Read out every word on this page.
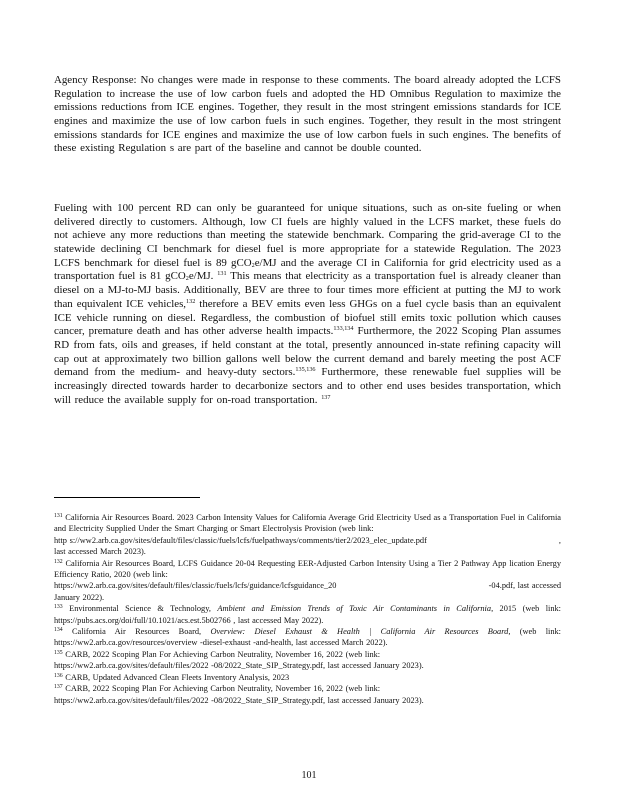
Agency Response: No changes were made in response to these comments. The board already adopted the LCFS Regulation to increase the use of low carbon fuels and adopted the HD Omnibus Regulation to maximize the emissions reductions from ICE engines. Together, they result in the most stringent emissions standards for ICE engines and maximize the use of low carbon fuels in such engines. Together, they result in the most stringent emissions standards for ICE engines and maximize the use of low carbon fuels in such engines. The benefits of these existing Regulation s are part of the baseline and cannot be double counted.

Fueling with 100 percent RD can only be guaranteed for unique situations, such as on-site fueling or when delivered directly to customers. Although, low CI fuels are highly valued in the LCFS market, these fuels do not achieve any more reductions than meeting the statewide benchmark. Comparing the grid-average CI to the statewide declining CI benchmark for diesel fuel is more appropriate for a statewide Regulation. The 2023 LCFS benchmark for diesel fuel is 89 gCO$_2$e/MJ and the average CI in California for grid electricity used as a transportation fuel is 81 gCO$_2$e/MJ. $^{131}$ This means that electricity as a transportation fuel is already cleaner than diesel on a MJ-to-MJ basis. Additionally, BEV are three to four times more efficient at putting the MJ to work than equivalent ICE vehicles,$^{132}$ therefore a BEV emits even less GHGs on a fuel cycle basis than an equivalent ICE vehicle running on diesel. Regardless, the combustion of biofuel still emits toxic pollution which causes cancer, premature death and has other adverse health impacts.$^{133,134}$ Furthermore, the 2022 Scoping Plan assumes RD from fats, oils and greases, if held constant at the total, presently announced in-state refining capacity will cap out at approximately two billion gallons well below the current demand and barely meeting the post ACF demand from the medium- and heavy-duty sectors.$^{135,136}$ Furthermore, these renewable fuel supplies will be increasingly directed towards harder to decarbonize sectors and to other end uses besides transportation, which will reduce the available supply for on-road transportation. $^{137}$

$^{131}$ California Air Resources Board. 2023 Carbon Intensity Values for California Average Grid Electricity Used as a Transportation Fuel in California and Electricity Supplied Under the Smart Charging or Smart Electrolysis Provision (web link:
http s://ww2.arb.ca.gov/sites/default/files/classic/fuels/lcfs/fuelpathways/comments/tier2/2023_elec_update.pdf	,
last accessed March 2023).
$^{132}$ California Air Resources Board, LCFS Guidance 20-04 Requesting EER-Adjusted Carbon Intensity Using a Tier 2 Pathway App lication Energy Efficiency Ratio, 2020 (web link:
https://ww2.arb.ca.gov/sites/default/files/classic/fuels/lcfs/guidance/lcfsguidance_20	-04.pdf, last accessed
January 2022).
$^{133}$ Environmental Science & Technology, Ambient and Emission Trends of Toxic Air Contaminants in California, 2015 (web link: https://pubs.acs.org/doi/full/10.1021/acs.est.5b02766 , last accessed May 2022).
$^{134}$ California Air Resources Board, Overview: Diesel Exhaust & Health | California Air Resources Board, (web link: https://ww2.arb.ca.gov/resources/overview -diesel-exhaust -and-health, last accessed March 2022).
$^{135}$ CARB, 2022 Scoping Plan For Achieving Carbon Neutrality, November 16, 2022 (web link:
https://ww2.arb.ca.gov/sites/default/files/2022 -08/2022_State_SIP_Strategy.pdf, last accessed January 2023).
$^{136}$ CARB, Updated Advanced Clean Fleets Inventory Analysis, 2023
$^{137}$ CARB, 2022 Scoping Plan For Achieving Carbon Neutrality, November 16, 2022 (web link:
https://ww2.arb.ca.gov/sites/default/files/2022 -08/2022_State_SIP_Strategy.pdf, last accessed January 2023).
101
